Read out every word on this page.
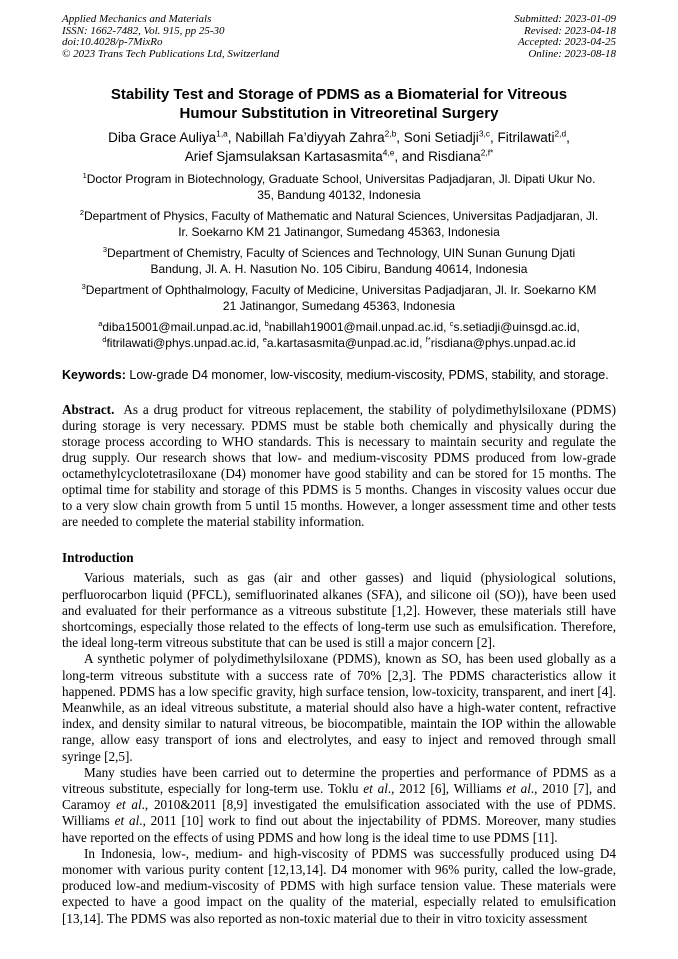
Applied Mechanics and Materials
ISSN: 1662-7482, Vol. 915, pp 25-30
doi:10.4028/p-7MixRo
© 2023 Trans Tech Publications Ltd, Switzerland
Submitted: 2023-01-09
Revised: 2023-04-18
Accepted: 2023-04-25
Online: 2023-08-18
Stability Test and Storage of PDMS as a Biomaterial for Vitreous
Humour Substitution in Vitreoretinal Surgery
Diba Grace Auliya$^{1,a}$, Nabillah Fa’diyyah Zahra$^{2,b}$, Soni Setiadji$^{3,c}$, Fitrilawati$^{2,d}$,
Arief Sjamsulaksan Kartasasmita$^{4,e}$, and Risdiana$^{2,f*}$
$^1$Doctor Program in Biotechnology, Graduate School, Universitas Padjadjaran, Jl. Dipati Ukur No.
35, Bandung 40132, Indonesia
$^2$Department of Physics, Faculty of Mathematic and Natural Sciences, Universitas Padjadjaran, Jl.
Ir. Soekarno KM 21 Jatinangor, Sumedang 45363, Indonesia
$^3$Department of Chemistry, Faculty of Sciences and Technology, UIN Sunan Gunung Djati
Bandung, Jl. A. H. Nasution No. 105 Cibiru, Bandung 40614, Indonesia
$^3$Department of Ophthalmology, Faculty of Medicine, Universitas Padjadjaran, Jl. Ir. Soekarno KM
21 Jatinangor, Sumedang 45363, Indonesia
$^a$diba15001@mail.unpad.ac.id, $^b$nabillah19001@mail.unpad.ac.id, $^c$s.setiadji@uinsgd.ac.id,
$^d$fitrilawati@phys.unpad.ac.id, $^e$a.kartasasmita@unpad.ac.id, $^{f*}$risdiana@phys.unpad.ac.id
Keywords: Low-grade D4 monomer, low-viscosity, medium-viscosity, PDMS, stability, and storage.
Abstract.  As a drug product for vitreous replacement, the stability of polydimethylsiloxane (PDMS) during storage is very necessary. PDMS must be stable both chemically and physically during the storage process according to WHO standards. This is necessary to maintain security and regulate the drug supply. Our research shows that low- and medium-viscosity PDMS produced from low-grade octamethylcyclotetrasiloxane (D4) monomer have good stability and can be stored for 15 months. The optimal time for stability and storage of this PDMS is 5 months. Changes in viscosity values occur due to a very slow chain growth from 5 until 15 months. However, a longer assessment time and other tests are needed to complete the material stability information.
Introduction

Various materials, such as gas (air and other gasses) and liquid (physiological solutions, perfluorocarbon liquid (PFCL), semifluorinated alkanes (SFA), and silicone oil (SO)), have been used and evaluated for their performance as a vitreous substitute [1,2]. However, these materials still have shortcomings, especially those related to the effects of long-term use such as emulsification. Therefore, the ideal long-term vitreous substitute that can be used is still a major concern [2].

A synthetic polymer of polydimethylsiloxane (PDMS), known as SO, has been used globally as a long-term vitreous substitute with a success rate of 70% [2,3]. The PDMS characteristics allow it happened. PDMS has a low specific gravity, high surface tension, low-toxicity, transparent, and inert [4]. Meanwhile, as an ideal vitreous substitute, a material should also have a high-water content, refractive index, and density similar to natural vitreous, be biocompatible, maintain the IOP within the allowable range, allow easy transport of ions and electrolytes, and easy to inject and removed through small syringe [2,5].

Many studies have been carried out to determine the properties and performance of PDMS as a vitreous substitute, especially for long-term use. Toklu et al., 2012 [6], Williams et al., 2010 [7], and Caramoy et al., 2010&2011 [8,9] investigated the emulsification associated with the use of PDMS. Williams et al., 2011 [10] work to find out about the injectability of PDMS. Moreover, many studies have reported on the effects of using PDMS and how long is the ideal time to use PDMS [11].

In Indonesia, low-, medium- and high-viscosity of PDMS was successfully produced using D4 monomer with various purity content [12,13,14]. D4 monomer with 96% purity, called the low-grade, produced low-and medium-viscosity of PDMS with high surface tension value. These materials were expected to have a good impact on the quality of the material, especially related to emulsification [13,14]. The PDMS was also reported as non-toxic material due to their in vitro toxicity assessment
